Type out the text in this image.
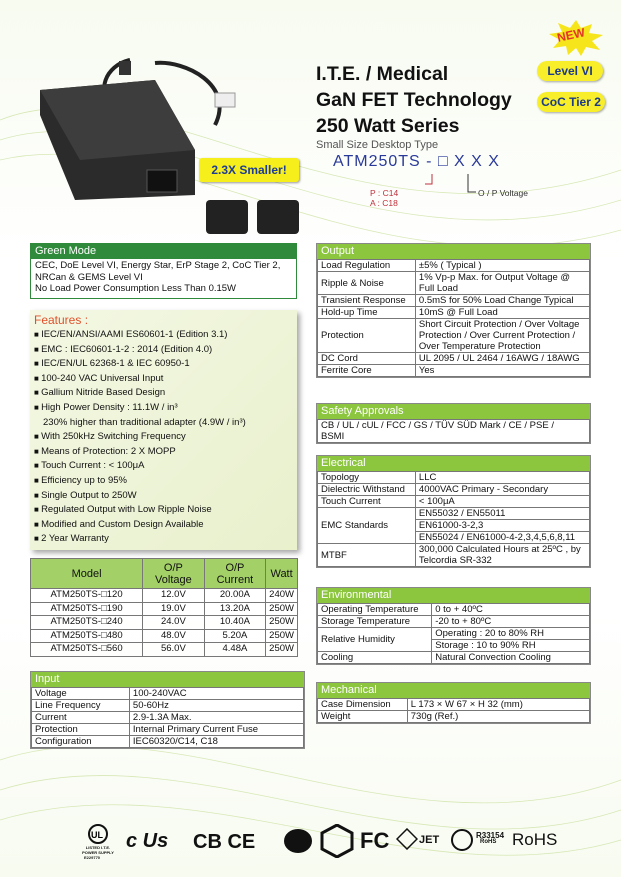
2.3X Smaller!
NEW
I.T.E. / Medical
GaN FET Technology
250 Watt Series
Level VI
CoC Tier 2
Small Size Desktop Type
ATM250TS - □ X X X
P : C14
A : C18
O / P Voltage
Green Mode

CEC, DoE Level VI, Energy Star, ErP Stage 2, CoC Tier 2,

NRCan & GEMS Level VI

No Load Power Consumption Less Than 0.15W

Features :
■ IEC/EN/ANSI/AAMI ES60601-1 (Edition 3.1)
■ EMC : IEC60601-1-2 : 2014 (Edition 4.0)
■ IEC/EN/UL 62368-1 & IEC 60950-1
■ 100-240 VAC Universal Input
■ Gallium Nitride Based Design
■ High Power Density : 11.1W / in³
230% higher than traditional adapter (4.9W / in³)
■ With 250kHz Switching Frequency
■ Means of Protection: 2 X MOPP
■ Touch Current : < 100μA
■ Efficiency up to 95%
■ Single Output to 250W
■ Regulated Output with Low Ripple Noise
■ Modified and Custom Design Available
■ 2 Year Warranty
Model	O/P Voltage	O/P Current	Watt
ATM250TS-□120	12.0V	20.00A	240W
ATM250TS-□190	19.0V	13.20A	250W
ATM250TS-□240	24.0V	10.40A	250W
ATM250TS-□480	48.0V	5.20A	250W
ATM250TS-□560	56.0V	4.48A	250W
Input
Voltage	100-240VAC
Line Frequency	50-60Hz
Current	2.9-1.3A Max.
Protection	Internal Primary Current Fuse
Configuration	IEC60320/C14, C18
Output
Load Regulation	±5% ( Typical )
Ripple & Noise	1% Vp-p Max. for Output Voltage @ Full Load
Transient Response	0.5mS for 50% Load Change Typical
Hold-up Time	10mS @ Full Load
Protection	Short Circuit Protection / Over Voltage Protection / Over Current Protection / Over Temperature Protection
DC Cord	UL 2095 / UL 2464 / 16AWG / 18AWG
Ferrite Core	Yes
Safety Approvals
CB / UL / cUL / FCC / GS / TÜV SÜD Mark / CE / PSE /
BSMI
Electrical
Topology	LLC
Dielectric Withstand	4000VAC Primary - Secondary
Touch Current	< 100μA
EMC Standards	EN55032 / EN55011
	EN61000-3-2,3
	EN55024 / EN61000-4-2,3,4,5,6,8,11
MTBF	300,000 Calculated Hours at 25ºC , by Telcordia SR-332
Environmental
Operating Temperature	0 to + 40ºC
Storage Temperature	-20 to + 80ºC
Relative Humidity	Operating : 20 to 80% RH
	Storage : 10 to 90% RH
Cooling	Natural Convection Cooling
Mechanical
Case Dimension	L 173 × W 67 × H 32 (mm)
Weight	730g (Ref.)
UL
LISTED I.T.E. POWER SUPPLY
E229770
c Us CB CE	FC	JET	R33154
RoHS RoHS
